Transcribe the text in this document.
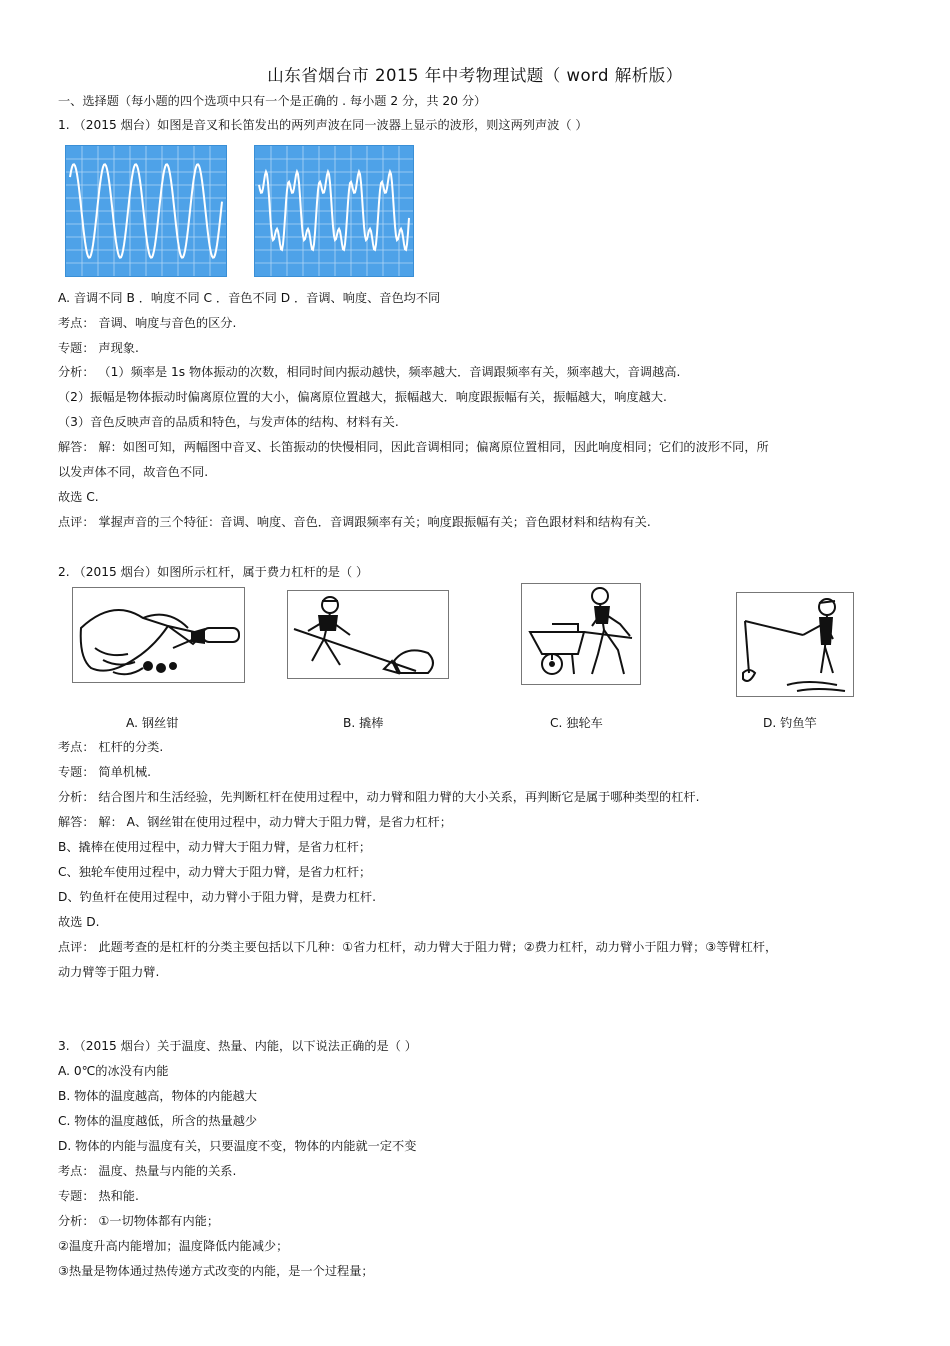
山东省烟台市 2015 年中考物理试题（ word 解析版）
一、选择题（每小题的四个选项中只有一个是正确的 . 每小题 2 分，共 20 分）
1. （2015 烟台）如图是音叉和长笛发出的两列声波在同一波器上显示的波形，则这两列声波（ ）
A. 音调不同 B ．响度不同 C ．音色不同 D ．音调、响度、音色均不同
考点： 音调、响度与音色的区分.
专题： 声现象.
分析： （1）频率是 1s 物体振动的次数，相同时间内振动越快，频率越大．音调跟频率有关，频率越大，音调越高.
（2）振幅是物体振动时偏离原位置的大小，偏离原位置越大，振幅越大．响度跟振幅有关，振幅越大，响度越大.
（3）音色反映声音的品质和特色，与发声体的结构、材料有关.
解答： 解：如图可知，两幅图中音叉、长笛振动的快慢相同，因此音调相同；偏离原位置相同，因此响度相同；它们的波形不同，所
以发声体不同，故音色不同.
故选 C.
点评： 掌握声音的三个特征：音调、响度、音色．音调跟频率有关；响度跟振幅有关；音色跟材料和结构有关.
2. （2015 烟台）如图所示杠杆，属于费力杠杆的是（ ）
A. 钢丝钳	B. 撬棒	C. 独轮车	D. 钓鱼竿
考点： 杠杆的分类.
专题： 简单机械.
分析： 结合图片和生活经验，先判断杠杆在使用过程中，动力臂和阻力臂的大小关系，再判断它是属于哪种类型的杠杆.
解答： 解： A、钢丝钳在使用过程中，动力臂大于阻力臂，是省力杠杆；
B、撬棒在使用过程中，动力臂大于阻力臂，是省力杠杆；
C、独轮车使用过程中，动力臂大于阻力臂，是省力杠杆；
D、钓鱼杆在使用过程中，动力臂小于阻力臂，是费力杠杆.
故选 D.
点评： 此题考查的是杠杆的分类主要包括以下几种：①省力杠杆，动力臂大于阻力臂；②费力杠杆，动力臂小于阻力臂；③等臂杠杆，
动力臂等于阻力臂.
3. （2015 烟台）关于温度、热量、内能，以下说法正确的是（ ）
A. 0℃的冰没有内能
B. 物体的温度越高，物体的内能越大
C. 物体的温度越低，所含的热量越少
D. 物体的内能与温度有关，只要温度不变，物体的内能就一定不变
考点： 温度、热量与内能的关系.
专题： 热和能.
分析： ①一切物体都有内能；
②温度升高内能增加；温度降低内能减少；
③热量是物体通过热传递方式改变的内能，是一个过程量；
